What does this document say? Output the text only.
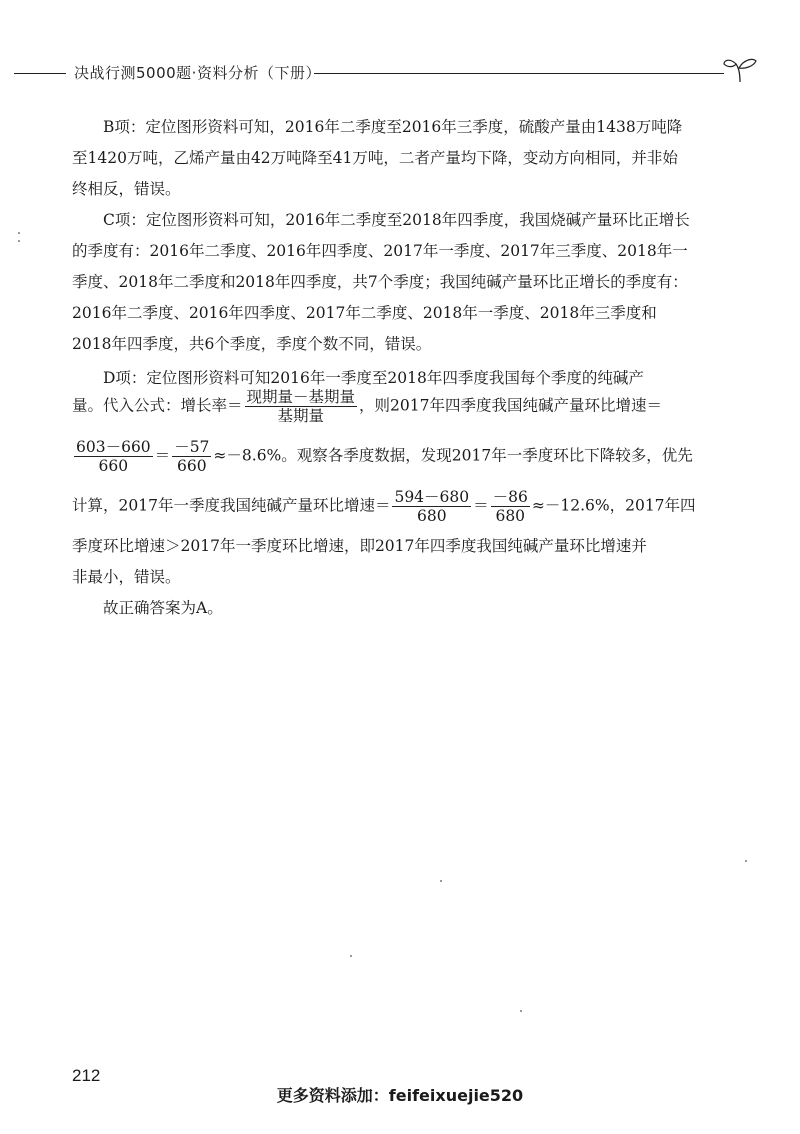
决战行测5000题·资料分析（下册）
B项：定位图形资料可知，2016年二季度至2016年三季度，硫酸产量由1438万吨降至1420万吨，乙烯产量由42万吨降至41万吨，二者产量均下降，变动方向相同，并非始终相反，错误。
C项：定位图形资料可知，2016年二季度至2018年四季度，我国烧碱产量环比正增长的季度有：2016年二季度、2016年四季度、2017年一季度、2017年三季度、2018年一季度、2018年二季度和2018年四季度，共7个季度；我国纯碱产量环比正增长的季度有：2016年二季度、2016年四季度、2017年二季度、2018年一季度、2018年三季度和2018年四季度，共6个季度，季度个数不同，错误。
D项：定位图形资料可知2016年一季度至2018年四季度我国每个季度的纯碱产
量。代入公式：增长率＝ $\frac{\text{现期量－基期量}}{\text{基期量}}$ ，则2017年四季度我国纯碱产量环比增速＝
$\frac{603-660}{660} = \frac{-57}{660} \approx-8.6\%$。观察各季度数据，发现2017年一季度环比下降较多，优先
计算，2017年一季度我国纯碱产量环比增速＝ $\frac{594-680}{680} = \frac{-86}{680} \approx-12.6\%$，2017年四
季度环比增速＞2017年一季度环比增速，即2017年四季度我国纯碱产量环比增速并
非最小，错误。
故正确答案为A。
212
更多资料添加：feifeixuejie520
